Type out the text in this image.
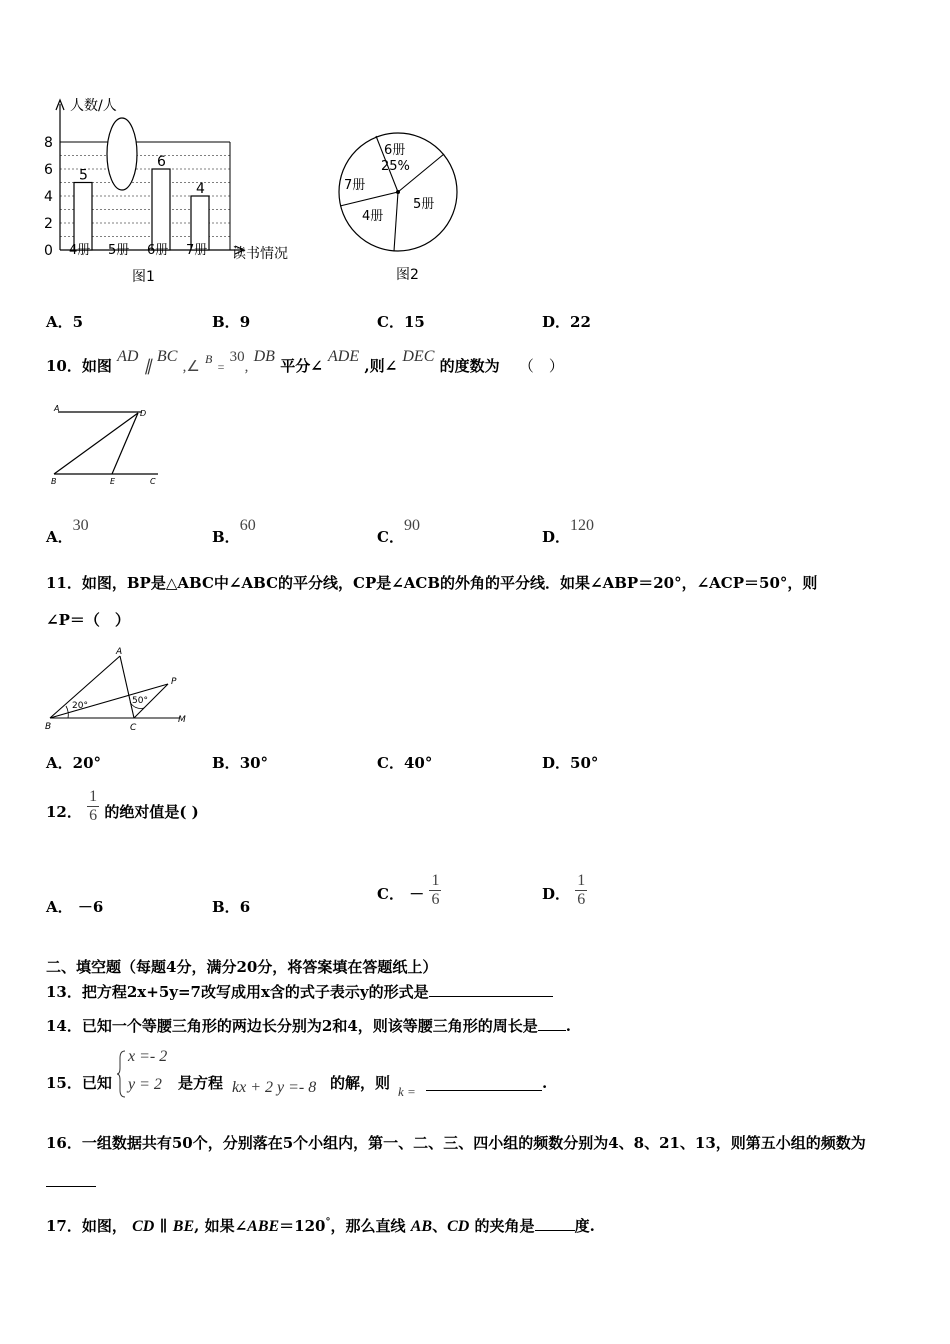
0
2
4
6
8
5
6
4
4册 5册 6册 7册
人数/人
读书情况
图1
6册
25%
7册
4册
5册
图2
A．5	B．9	C．15	D．22
10．如图 AD ∥ BC ,∠ $^B$ = 30, DB 平分∠ ADE ,则∠ DEC 的度数为 （　）
A
D
B	E	C
A．30
B．60
C．90
D．120
11．如图，BP是△ABC中∠ABC的平分线，CP是∠ACB的外角的平分线．如果∠ABP＝20°，∠ACP＝50°，则
∠P＝（　）
A
P
B	C
M
20°	50°
A．20°	B．30°	C．40°	D．50°
12． $\frac{1}{6}$ 的绝对值是( )
A． －6	B．6
C． － $\frac{1}{6}$	D． $\frac{1}{6}$
二、填空题（每题4分，满分20分，将答案填在答题纸上）
13．把方程2x+5y=7改写成用x含的式子表示y的形式是
14．已知一个等腰三角形的两边长分别为2和4，则该等腰三角形的周长是 .
15．已知
x =- 2
y = 2 是方程 kx + 2 y =- 8 的解，则 k =	.
16．一组数据共有50个，分别落在5个小组内，第一、二、三、四小组的频数分别为4、8、21、13，则第五小组的频数为
17．如图， CD ∥ BE, 如果∠ABE＝120°，那么直线 AB、CD 的夹角是	度.
